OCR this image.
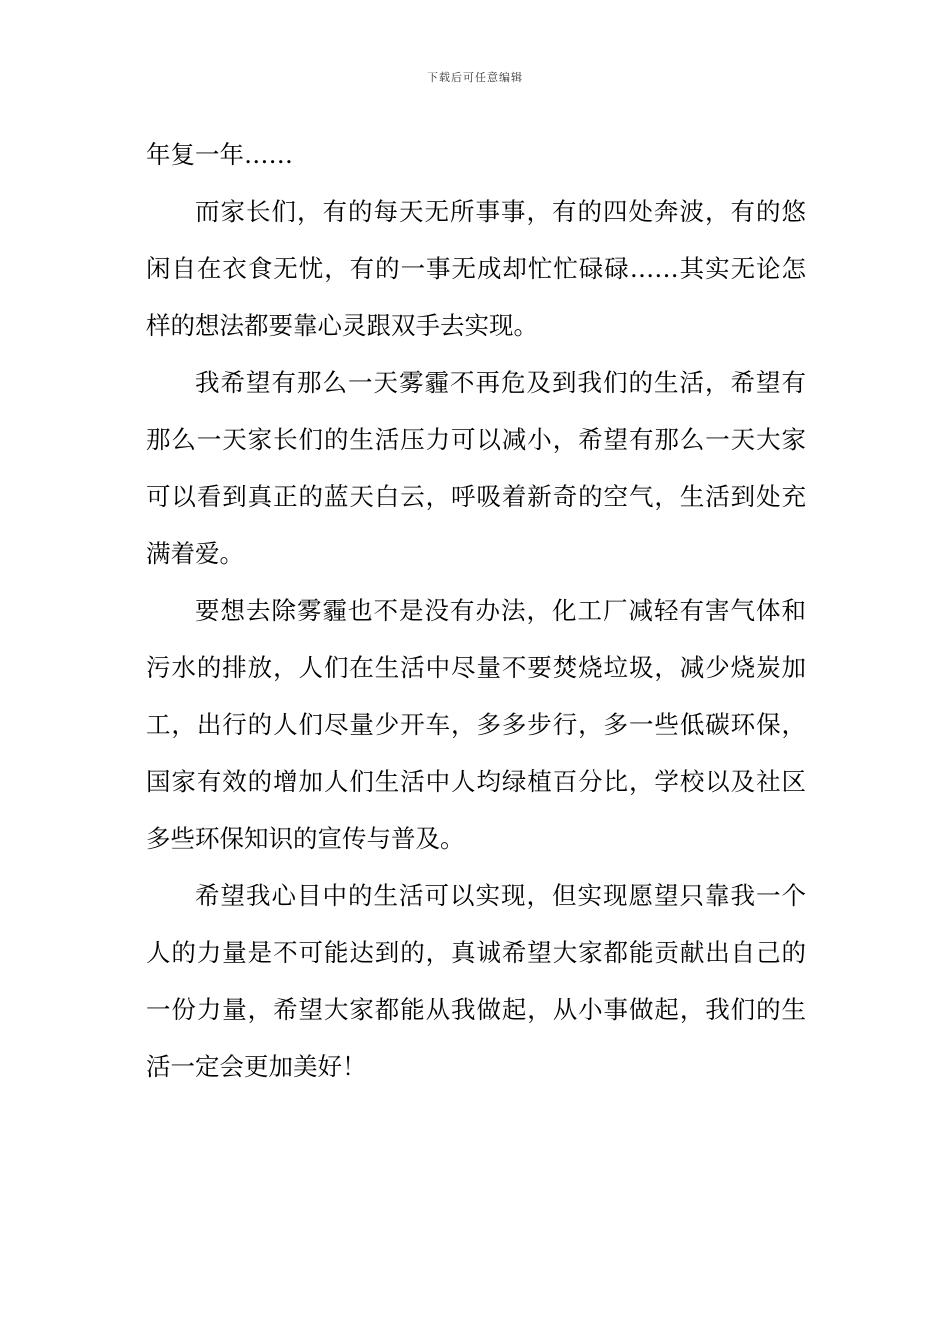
下载后可任意编辑

年复一年……

而家长们，有的每天无所事事，有的四处奔波，有的悠闲自在衣食无忧，有的一事无成却忙忙碌碌……其实无论怎样的想法都要靠心灵跟双手去实现。

我希望有那么一天雾霾不再危及到我们的生活，希望有那么一天家长们的生活压力可以减小，希望有那么一天大家可以看到真正的蓝天白云，呼吸着新奇的空气，生活到处充满着爱。

要想去除雾霾也不是没有办法，化工厂减轻有害气体和污水的排放，人们在生活中尽量不要焚烧垃圾，减少烧炭加工，出行的人们尽量少开车，多多步行，多一些低碳环保，国家有效的增加人们生活中人均绿植百分比，学校以及社区多些环保知识的宣传与普及。

希望我心目中的生活可以实现，但实现愿望只靠我一个人的力量是不可能达到的，真诚希望大家都能贡献出自己的一份力量，希望大家都能从我做起，从小事做起，我们的生活一定会更加美好！
